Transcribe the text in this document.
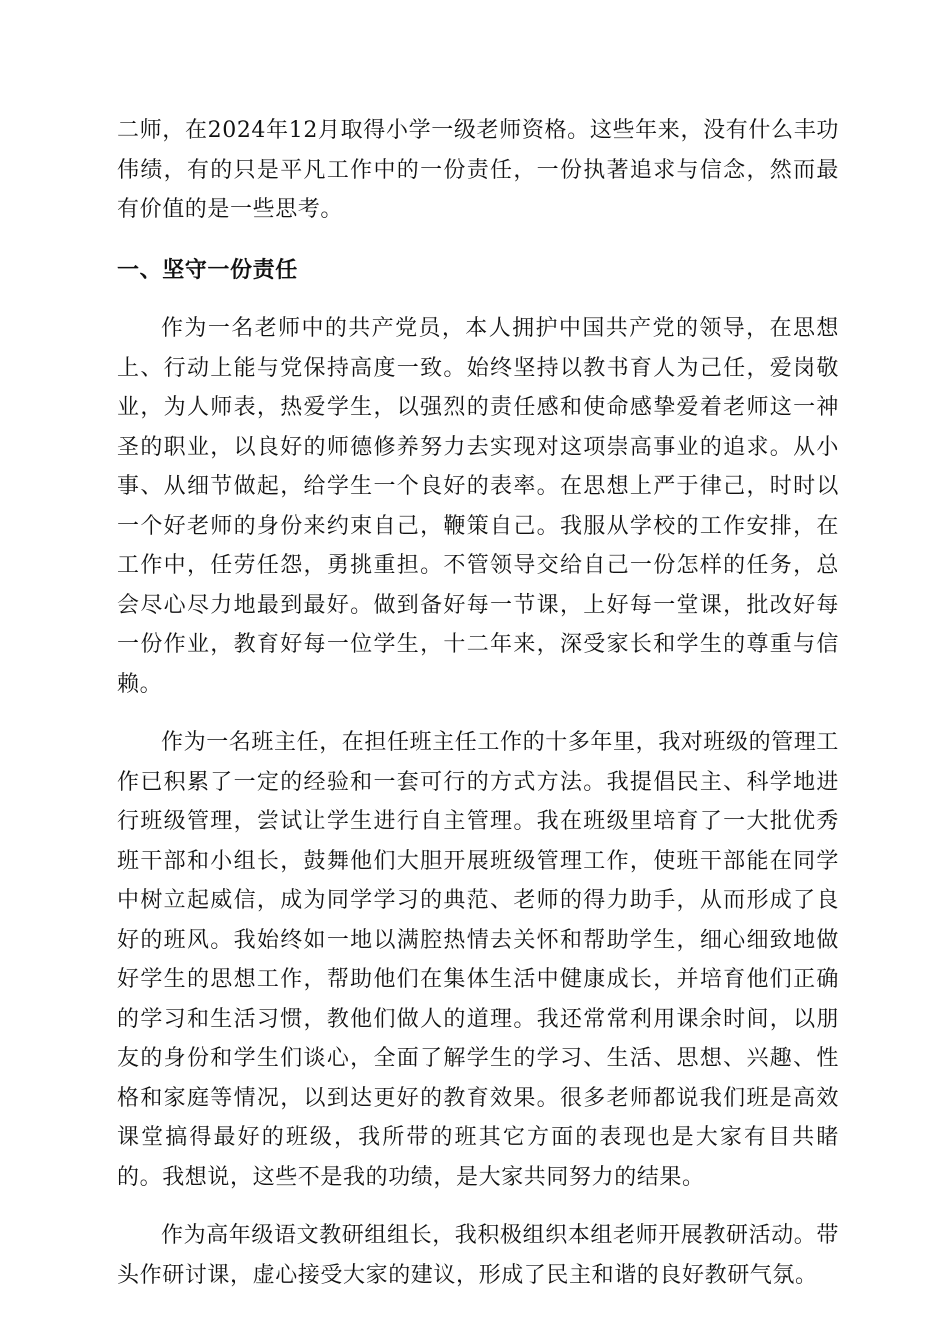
二师，在2024年12月取得小学一级老师资格。这些年来，没有什么丰功伟绩，有的只是平凡工作中的一份责任，一份执著追求与信念，然而最有价值的是一些思考。

一、坚守一份责任

作为一名老师中的共产党员，本人拥护中国共产党的领导，在思想上、行动上能与党保持高度一致。始终坚持以教书育人为己任，爱岗敬业，为人师表，热爱学生，以强烈的责任感和使命感挚爱着老师这一神圣的职业，以良好的师德修养努力去实现对这项崇高事业的追求。从小事、从细节做起，给学生一个良好的表率。在思想上严于律己，时时以一个好老师的身份来约束自己，鞭策自己。我服从学校的工作安排，在工作中，任劳任怨，勇挑重担。不管领导交给自己一份怎样的任务，总会尽心尽力地最到最好。做到备好每一节课，上好每一堂课，批改好每一份作业，教育好每一位学生，十二年来，深受家长和学生的尊重与信赖。

作为一名班主任，在担任班主任工作的十多年里，我对班级的管理工作已积累了一定的经验和一套可行的方式方法。我提倡民主、科学地进行班级管理，尝试让学生进行自主管理。我在班级里培育了一大批优秀班干部和小组长，鼓舞他们大胆开展班级管理工作，使班干部能在同学中树立起威信，成为同学学习的典范、老师的得力助手，从而形成了良好的班风。我始终如一地以满腔热情去关怀和帮助学生，细心细致地做好学生的思想工作，帮助他们在集体生活中健康成长，并培育他们正确的学习和生活习惯，教他们做人的道理。我还常常利用课余时间，以朋友的身份和学生们谈心，全面了解学生的学习、生活、思想、兴趣、性格和家庭等情况，以到达更好的教育效果。很多老师都说我们班是高效课堂搞得最好的班级，我所带的班其它方面的表现也是大家有目共睹的。我想说，这些不是我的功绩，是大家共同努力的结果。

作为高年级语文教研组组长，我积极组织本组老师开展教研活动。带头作研讨课，虚心接受大家的建议，形成了民主和谐的良好教研气氛。
